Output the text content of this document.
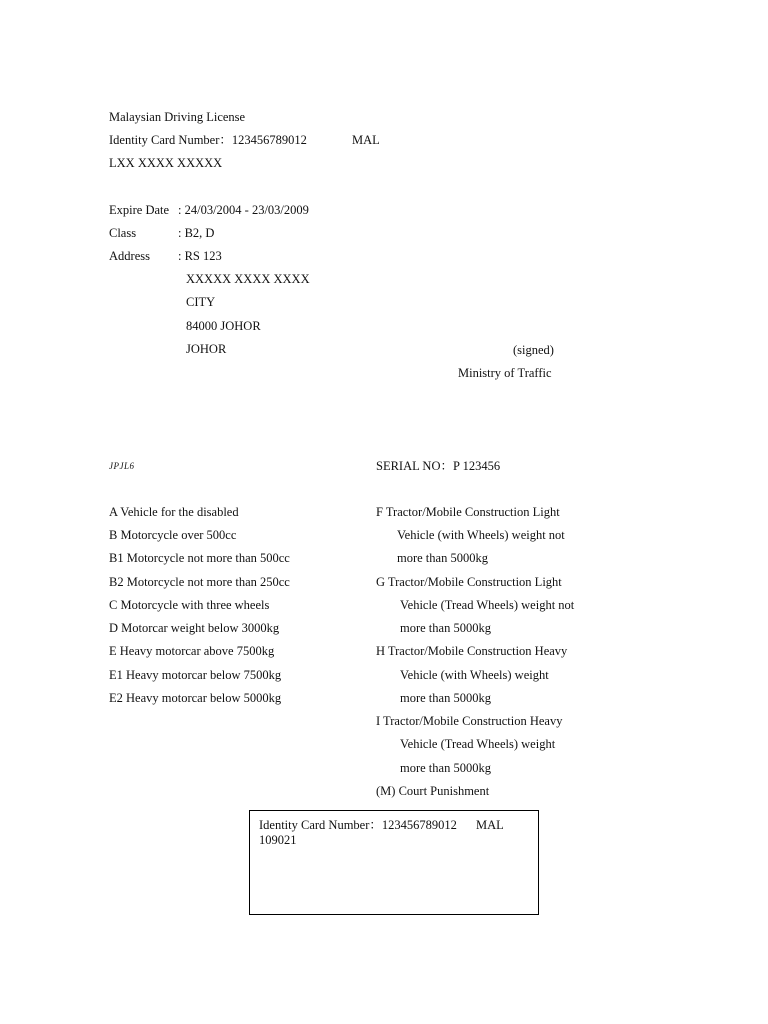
Malaysian Driving License
Identity Card Number：123456789012	MAL
LXX XXXX XXXXX
Expire Date : 24/03/2004 - 23/03/2009
Class	: B2, D
Address : RS 123
XXXXX XXXX XXXX
CITY
84000 JOHOR
JOHOR	(signed)
Ministry of Traffic
JPJL6	SERIAL NO：P 123456
A Vehicle for the disabled
B Motorcycle over 500cc
B1 Motorcycle not more than 500cc
B2 Motorcycle not more than 250cc
C Motorcycle with three wheels
D Motorcar weight below 3000kg
E Heavy motorcar above 7500kg
E1 Heavy motorcar below 7500kg
E2 Heavy motorcar below 5000kg
F Tractor/Mobile Construction Light
Vehicle (with Wheels) weight not
more than 5000kg
G Tractor/Mobile Construction Light
Vehicle (Tread Wheels) weight not
more than 5000kg
H Tractor/Mobile Construction Heavy
Vehicle (with Wheels) weight
more than 5000kg
I Tractor/Mobile Construction Heavy
Vehicle (Tread Wheels) weight
more than 5000kg
(M) Court Punishment
Identity Card Number：123456789012 MAL
109021
